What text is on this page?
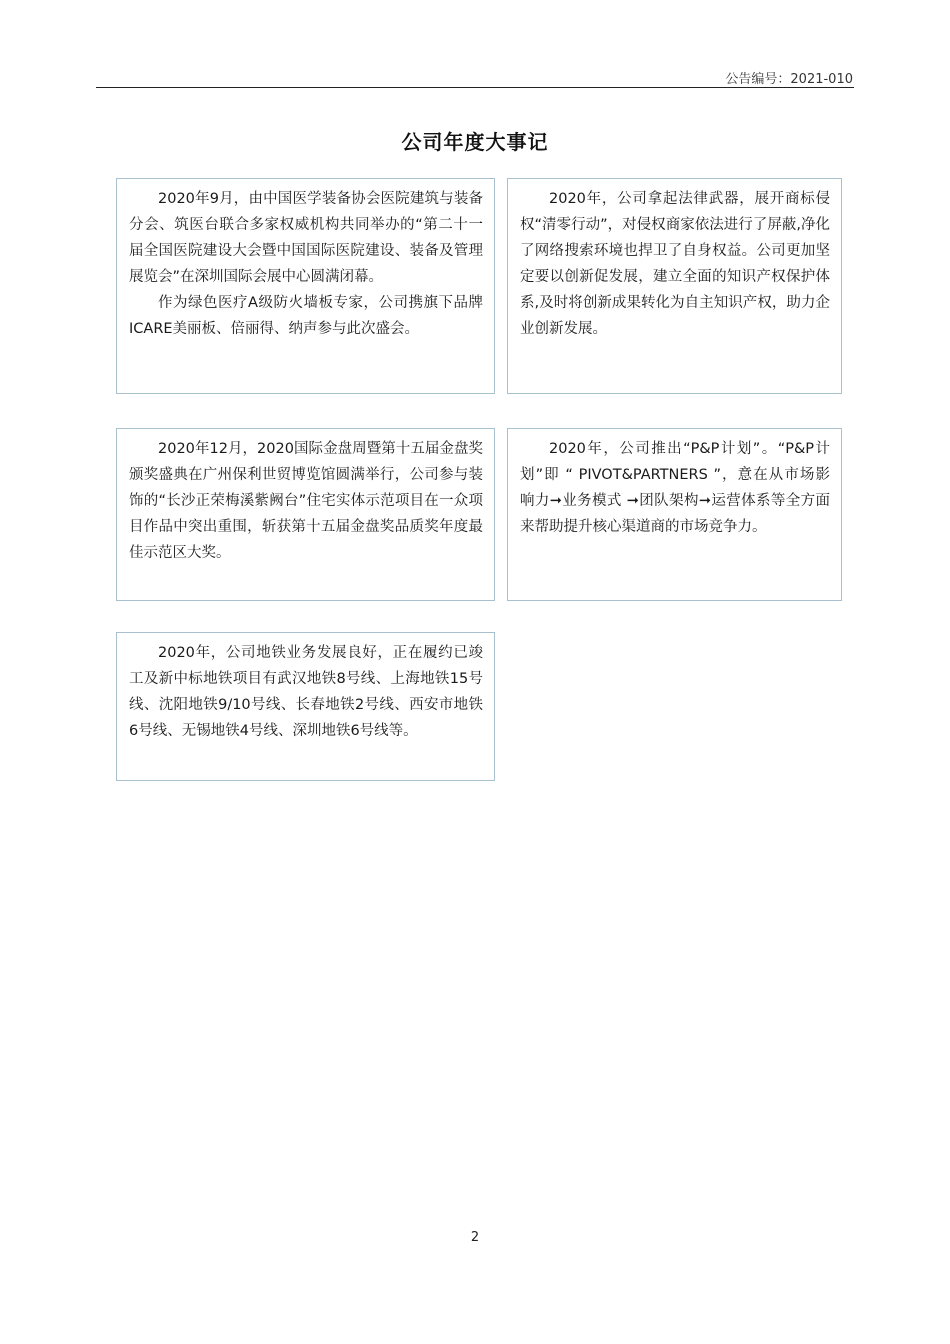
公告编号：2021-010
公司年度大事记

2020年9月，由中国医学装备协会医院建筑与装备分会、筑医台联合多家权威机构共同举办的“第二十一届全国医院建设大会暨中国国际医院建设、装备及管理展览会”在深圳国际会展中心圆满闭幕。

作为绿色医疗A级防火墙板专家，公司携旗下品牌ICARE美丽板、倍丽得、纳声参与此次盛会。

2020年，公司拿起法律武器，展开商标侵权“清零行动”，对侵权商家依法进行了屏蔽,净化了网络搜索环境也捍卫了自身权益。公司更加坚定要以创新促发展，建立全面的知识产权保护体系,及时将创新成果转化为自主知识产权，助力企业创新发展。

2020年12月，2020国际金盘周暨第十五届金盘奖颁奖盛典在广州保利世贸博览馆圆满举行，公司参与装饰的“长沙正荣梅溪紫阙台”住宅实体示范项目在一众项目作品中突出重围，斩获第十五届金盘奖品质奖年度最佳示范区大奖。

2020年，公司推出“P&P计划”。“P&P计划”即 “ PIVOT&PARTNERS ”，意在从市场影响力➞业务模式 ➞团队架构➞运营体系等全方面来帮助提升核心渠道商的市场竞争力。

2020年，公司地铁业务发展良好，正在履约已竣工及新中标地铁项目有武汉地铁8号线、上海地铁15号线、沈阳地铁9/10号线、长春地铁2号线、西安市地铁6号线、无锡地铁4号线、深圳地铁6号线等。

2
